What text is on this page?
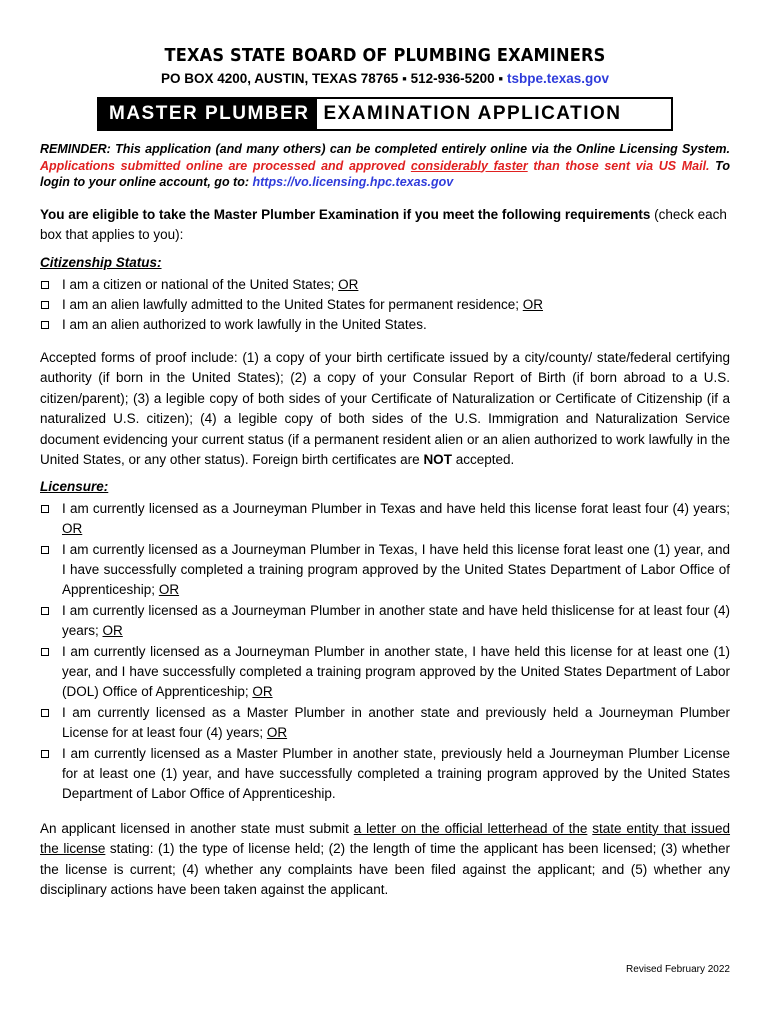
TEXAS STATE BOARD OF PLUMBING EXAMINERS
PO BOX 4200, AUSTIN, TEXAS 78765 ▪ 512-936-5200 ▪ tsbpe.texas.gov
MASTER PLUMBER EXAMINATION APPLICATION
REMINDER: This application (and many others) can be completed entirely online via the Online Licensing System. Applications submitted online are processed and approved considerably faster than those sent via US Mail. To login to your online account, go to: https://vo.licensing.hpc.texas.gov
You are eligible to take the Master Plumber Examination if you meet the following requirements (check each box that applies to you):
Citizenship Status:
I am a citizen or national of the United States; OR
I am an alien lawfully admitted to the United States for permanent residence; OR
I am an alien authorized to work lawfully in the United States.
Accepted forms of proof include: (1) a copy of your birth certificate issued by a city/county/ state/federal certifying authority (if born in the United States); (2) a copy of your Consular Report of Birth (if born abroad to a U.S. citizen/parent); (3) a legible copy of both sides of your Certificate of Naturalization or Certificate of Citizenship (if a naturalized U.S. citizen); (4) a legible copy of both sides of the U.S. Immigration and Naturalization Service document evidencing your current status (if a permanent resident alien or an alien authorized to work lawfully in the United States, or any other status). Foreign birth certificates are NOT accepted.
Licensure:
I am currently licensed as a Journeyman Plumber in Texas and have held this license forat least four (4) years; OR
I am currently licensed as a Journeyman Plumber in Texas, I have held this license forat least one (1) year, and I have successfully completed a training program approved by the United States Department of Labor Office of Apprenticeship; OR
I am currently licensed as a Journeyman Plumber in another state and have held thislicense for at least four (4) years; OR
I am currently licensed as a Journeyman Plumber in another state, I have held this license for at least one (1) year, and I have successfully completed a training program approved by the United States Department of Labor (DOL) Office of Apprenticeship; OR
I am currently licensed as a Master Plumber in another state and previously held a Journeyman Plumber License for at least four (4) years; OR
I am currently licensed as a Master Plumber in another state, previously held a Journeyman Plumber License for at least one (1) year, and have successfully completed a training program approved by the United States Department of Labor Office of Apprenticeship.
An applicant licensed in another state must submit a letter on the official letterhead of the state entity that issued the license stating: (1) the type of license held; (2) the length of time the applicant has been licensed; (3) whether the license is current; (4) whether any complaints have been filed against the applicant; and (5) whether any disciplinary actions have been taken against the applicant.
Revised February 2022
